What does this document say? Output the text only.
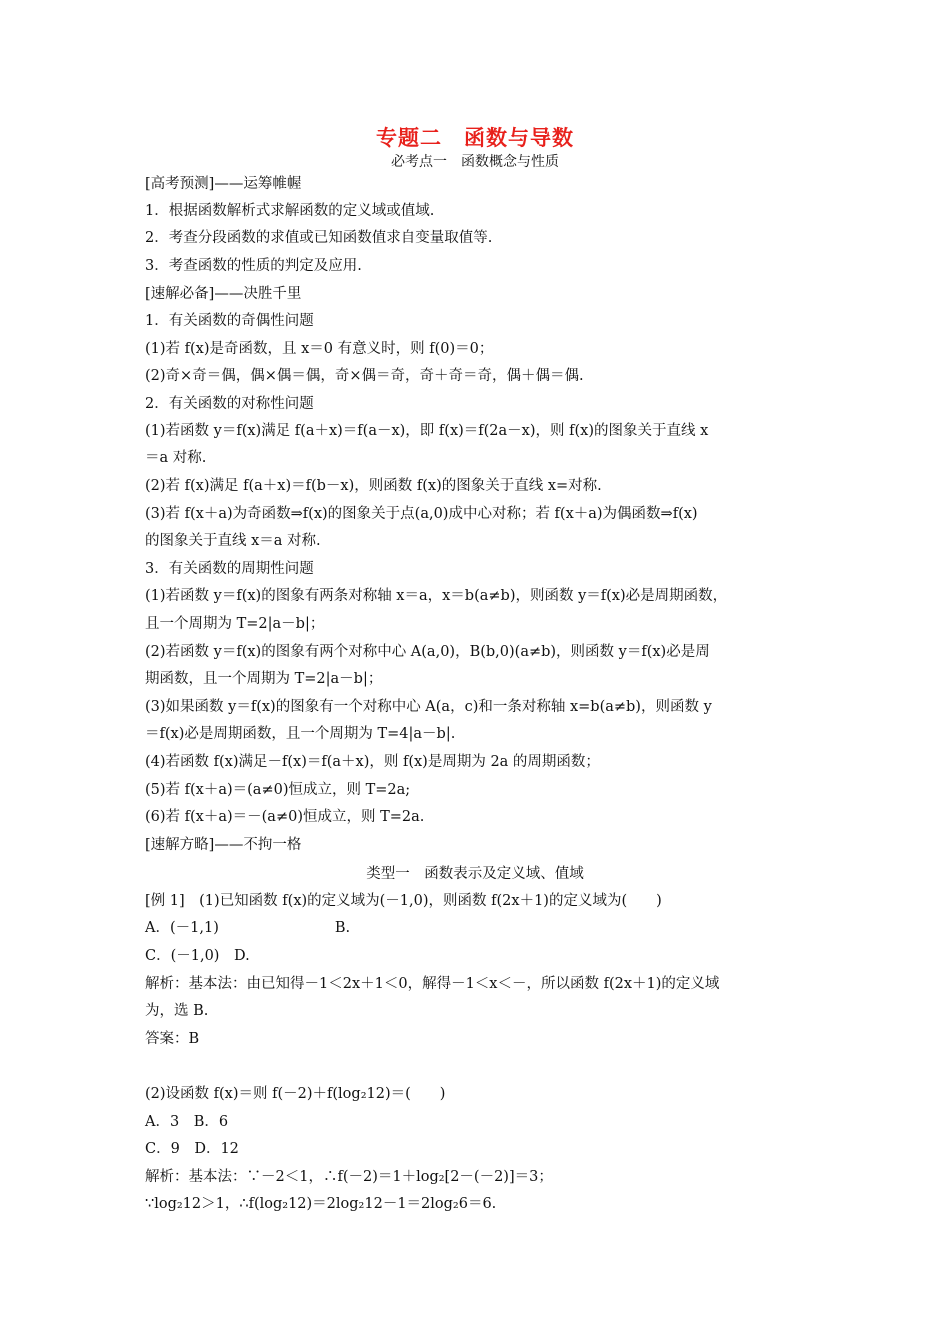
专题二　函数与导数
必考点一　函数概念与性质
[高考预测]——运筹帷幄
1．根据函数解析式求解函数的定义域或值域.
2．考查分段函数的求值或已知函数值求自变量取值等.
3．考查函数的性质的判定及应用.
[速解必备]——决胜千里
1．有关函数的奇偶性问题
(1)若 f(x)是奇函数，且 x＝0 有意义时，则 f(0)＝0；
(2)奇×奇＝偶，偶×偶＝偶，奇×偶＝奇，奇＋奇＝奇，偶＋偶＝偶.
2．有关函数的对称性问题
(1)若函数 y＝f(x)满足 f(a＋x)＝f(a－x)，即 f(x)＝f(2a－x)，则 f(x)的图象关于直线 x
＝a 对称.
(2)若 f(x)满足 f(a＋x)＝f(b－x)，则函数 f(x)的图象关于直线 x=对称.
(3)若 f(x＋a)为奇函数⇒f(x)的图象关于点(a,0)成中心对称；若 f(x＋a)为偶函数⇒f(x)
的图象关于直线 x＝a 对称.
3．有关函数的周期性问题
(1)若函数 y＝f(x)的图象有两条对称轴 x＝a，x＝b(a≠b)，则函数 y＝f(x)必是周期函数，
且一个周期为 T=2|a－b|；
(2)若函数 y＝f(x)的图象有两个对称中心 A(a,0)，B(b,0)(a≠b)，则函数 y＝f(x)必是周
期函数，且一个周期为 T=2|a－b|；
(3)如果函数 y＝f(x)的图象有一个对称中心 A(a，c)和一条对称轴 x=b(a≠b)，则函数 y
＝f(x)必是周期函数，且一个周期为 T=4|a－b|.
(4)若函数 f(x)满足－f(x)＝f(a＋x)，则 f(x)是周期为 2a 的周期函数；
(5)若 f(x＋a)＝(a≠0)恒成立，则 T=2a;
(6)若 f(x＋a)＝－(a≠0)恒成立，则 T=2a.
[速解方略]——不拘一格
类型一　函数表示及定义域、值域
[例 1]　(1)已知函数 f(x)的定义域为(－1,0)，则函数 f(2x＋1)的定义域为(　　)
A．(－1,1)　　　　　　　　B.
C．(－1,0)　D.
解析：基本法：由已知得－1＜2x＋1＜0，解得－1＜x＜－，所以函数 f(2x＋1)的定义域
为，选 B.
答案：B
(2)设函数 f(x)＝则 f(－2)＋f(log₂12)＝(　　)
A．3　B．6
C．9　D．12
解析：基本法：∵－2＜1，∴f(－2)＝1＋log₂[2－(－2)]＝3；
∵log₂12＞1，∴f(log₂12)＝2log₂12－1＝2log₂6＝6.
